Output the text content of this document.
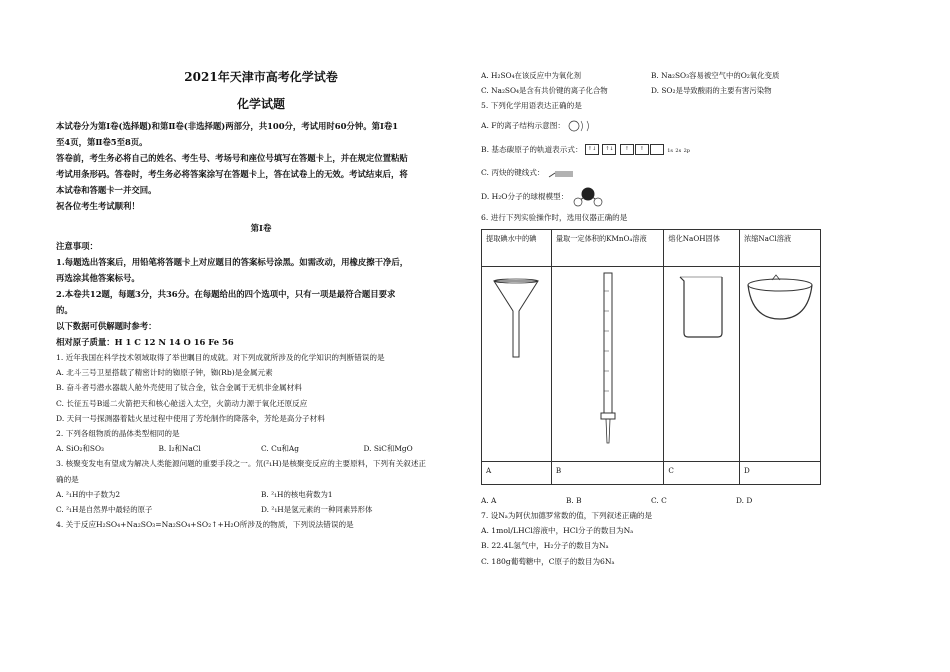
2021年天津市高考化学试卷
化学试题
本试卷分为第Ⅰ卷(选择题)和第Ⅱ卷(非选择题)两部分，共100分，考试用时60分钟。第Ⅰ卷1
至4页，第Ⅱ卷5至8页。
答卷前，考生务必将自己的姓名、考生号、考场号和座位号填写在答题卡上，并在规定位置粘贴
考试用条形码。答卷时，考生务必将答案涂写在答题卡上，答在试卷上的无效。考试结束后，将
本试卷和答题卡一并交回。
祝各位考生考试顺利！
第Ⅰ卷
注意事项：
1.每题选出答案后，用铅笔将答题卡上对应题目的答案标号涂黑。如需改动，用橡皮擦干净后，
再选涂其他答案标号。
2.本卷共12题，每题3分，共36分。在每题给出的四个选项中，只有一项是最符合题目要求
的。
以下数据可供解题时参考：
相对原子质量：H 1 C 12 N 14 O 16 Fe 56
1. 近年我国在科学技术领域取得了举世瞩目的成就。对下列成就所涉及的化学知识的判断错误的是
A. 北斗三号卫星搭载了精密计时的铷原子钟，铷(Rb)是金属元素
B. 奋斗者号潜水器载人舱外壳使用了钛合金，钛合金属于无机非金属材料
C. 长征五号B遥二火箭把天和核心舱送入太空，火箭动力源于氧化还原反应
D. 天问一号探测器着陆火星过程中使用了芳纶制作的降落伞，芳纶是高分子材料
2. 下列各组物质的晶体类型相同的是
A. SiO₂和SO₃	B. I₂和NaCl	C. Cu和Ag	D. SiC和MgO
3. 核聚变发电有望成为解决人类能源问题的重要手段之一。氘(²₁H)是核聚变反应的主要原料，下列有关叙述正
确的是
A. ²₁H的中子数为2	B. ²₁H的核电荷数为1
C. ²₁H是自然界中最轻的原子	D. ²₁H是氢元素的一种同素异形体
4. 关于反应H₂SO₄+Na₂SO₃=Na₂SO₄+SO₂↑+H₂O所涉及的物质，下列说法错误的是
A. H₂SO₄在该反应中为氧化剂	B. Na₂SO₃容易被空气中的O₂氧化变质
C. Na₂SO₄是含有共价键的离子化合物	D. SO₂是导致酸雨的主要有害污染物
5. 下列化学用语表达正确的是
A. F的离子结构示意图：
B. 基态碳原子的轨道表示式： ↑↓ ↑↓ ↑ ↑	1s 2s 2p
C. 丙炔的键线式：
D. H₂O分子的球棍模型：
6. 进行下列实验操作时，选用仪器正确的是
提取碘水中的碘	量取一定体积的KMnO₄溶液	熔化NaOH固体	浓缩NaCl溶液

A	B	C	D
A. A	B. B	C. C	D. D
7. 设Nₐ为阿伏加德罗常数的值，下列叙述正确的是
A. 1mol/LHCl溶液中，HCl分子的数目为Nₐ
B. 22.4L氢气中，H₂分子的数目为Nₐ
C. 180g葡萄糖中，C原子的数目为6Nₐ
